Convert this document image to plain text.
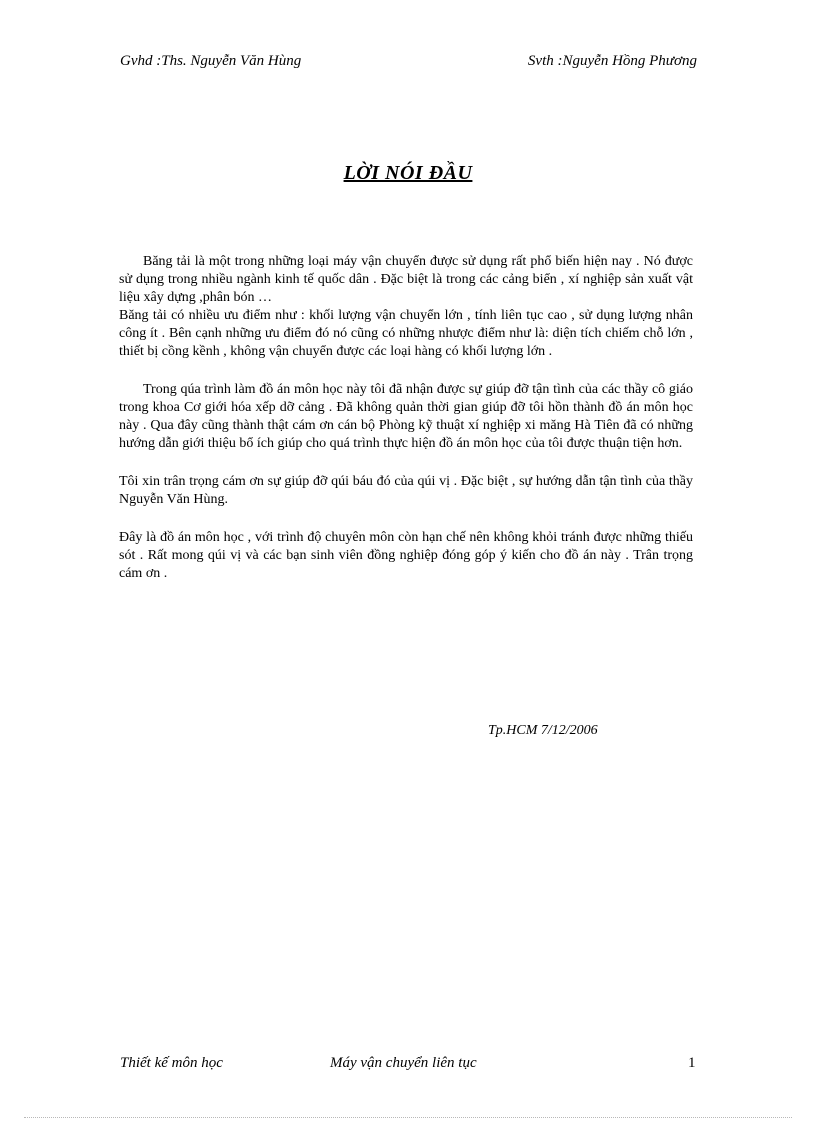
Gvhd :Ths. Nguyễn Văn Hùng	Svth :Nguyễn Hồng Phương
LỜI NÓI ĐẦU

Băng tải là một trong những loại máy vận chuyển được sử dụng rất phổ biến hiện nay . Nó được sử dụng trong nhiều ngành kinh tế quốc dân . Đặc biệt là trong các cảng biển , xí nghiệp sản xuất vật liệu xây dựng ,phân bón …

Băng tải có nhiều ưu điểm như : khối lượng vận chuyển lớn , tính liên tục cao , sử dụng lượng nhân công ít . Bên cạnh những ưu điểm đó nó cũng có những nhược điểm như là: diện tích chiếm chỗ lớn , thiết bị cồng kềnh , không vận chuyển được các loại hàng có khối lượng lớn .

Trong qúa trình làm đồ án môn học này tôi đã nhận được sự giúp đỡ tận tình của các thầy cô giáo trong khoa Cơ giới hóa xếp dỡ cảng . Đã không quản thời gian giúp đỡ tôi hồn thành đồ án môn học này . Qua đây cũng thành thật cám ơn cán bộ Phòng kỹ thuật xí nghiệp xi măng Hà Tiên đã có những hướng dẫn giới thiệu bổ ích giúp cho quá trình thực hiện đồ án môn học của tôi được thuận tiện hơn.

Tôi xin trân trọng cám ơn sự giúp đỡ qúi báu đó của qúi vị . Đặc biệt , sự hướng dẫn tận tình của thầy Nguyễn Văn Hùng.

Đây là đồ án môn học , với trình độ chuyên môn còn hạn chế nên không khỏi tránh được những thiếu sót . Rất mong qúi vị và các bạn sinh viên đồng nghiệp đóng góp ý kiến cho đồ án này . Trân trọng cám ơn .

Tp.HCM 7/12/2006
Thiết kế môn học	Máy vận chuyển liên tục	1
